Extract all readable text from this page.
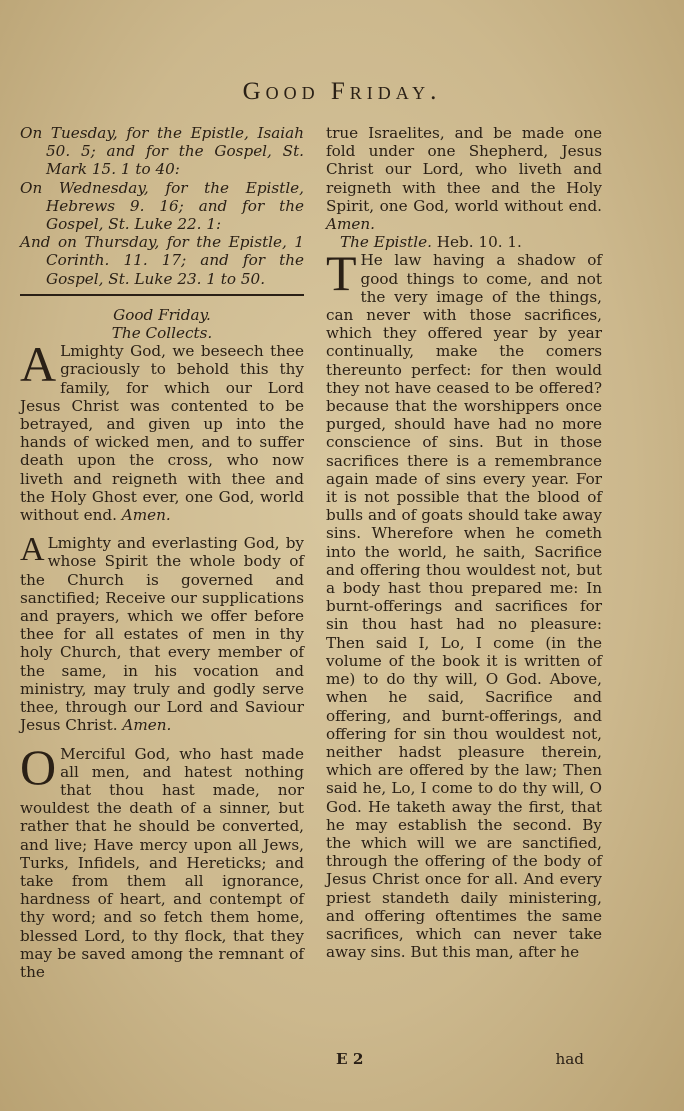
Good Friday.

On Tuesday, for the Epistle, Isaiah 50. 5; and for the Gospel, St. Mark 15. 1 to 40:

On Wednesday, for the Epistle, Hebrews 9. 16; and for the Gospel, St. Luke 22. 1:

And on Thursday, for the Epistle, 1 Corinth. 11. 17; and for the Gospel, St. Luke 23. 1 to 50.

Good Friday.

The Collects.

A Lmighty God, we beseech thee graciously to behold this thy family, for which our Lord Jesus Christ was contented to be betrayed, and given up into the hands of wicked men, and to suffer death upon the cross, who now liveth and reigneth with thee and the Holy Ghost ever, one God, world without end. Amen.

A Lmighty and everlasting God, by whose Spirit the whole body of the Church is governed and sanctified; Receive our supplications and prayers, which we offer before thee for all estates of men in thy holy Church, that every member of the same, in his vocation and ministry, may truly and godly serve thee, through our Lord and Saviour Jesus Christ. Amen.

O Merciful God, who hast made all men, and hatest nothing that thou hast made, nor wouldest the death of a sinner, but rather that he should be converted, and live; Have mercy upon all Jews, Turks, Infidels, and Hereticks; and take from them all ignorance, hardness of heart, and contempt of thy word; and so fetch them home, blessed Lord, to thy flock, that they may be saved among the remnant of the

true Israelites, and be made one fold under one Shepherd, Jesus Christ our Lord, who liveth and reigneth with thee and the Holy Spirit, one God, world without end. Amen.

The Epistle. Heb. 10. 1.

T He law having a shadow of good things to come, and not the very image of the things, can never with those sacrifices, which they offered year by year continually, make the comers thereunto perfect: for then would they not have ceased to be offered? because that the worshippers once purged, should have had no more conscience of sins. But in those sacrifices there is a remembrance again made of sins every year. For it is not possible that the blood of bulls and of goats should take away sins. Wherefore when he cometh into the world, he saith, Sacrifice and offering thou wouldest not, but a body hast thou prepared me: In burnt-offerings and sacrifices for sin thou hast had no pleasure: Then said I, Lo, I come (in the volume of the book it is written of me) to do thy will, O God. Above, when he said, Sacrifice and offering, and burnt-offerings, and offering for sin thou wouldest not, neither hadst pleasure therein, which are offered by the law; Then said he, Lo, I come to do thy will, O God. He taketh away the first, that he may establish the second. By the which will we are sanctified, through the offering of the body of Jesus Christ once for all. And every priest standeth daily ministering, and offering oftentimes the same sacrifices, which can never take away sins. But this man, after he

E 2	had
